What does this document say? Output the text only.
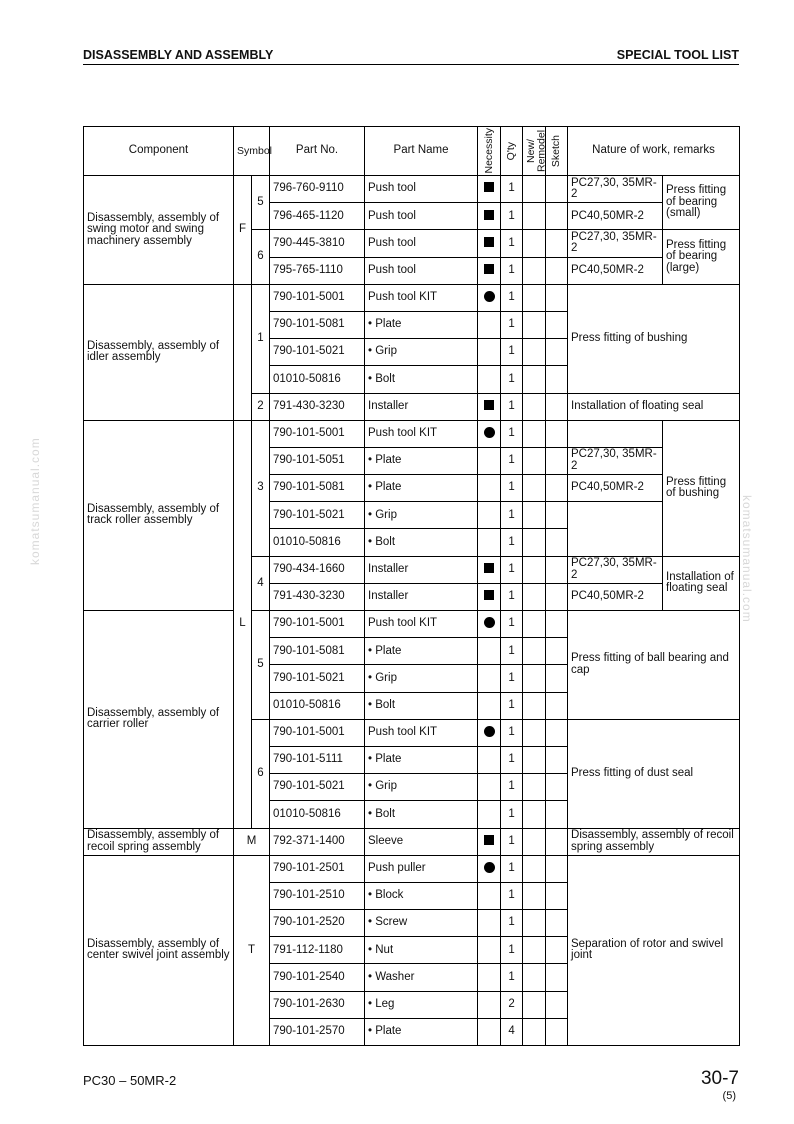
DISASSEMBLY AND ASSEMBLY	SPECIAL TOOL LIST
Component	Symbol		Part No.	Part Name	Necessity	Q'ty	New/ Remodel	Sketch	Nature of work, remarks	
Disassembly, assembly of swing motor and swing machinery assembly	F	5	796-760-9110	Push tool		1			PC27,30, 35MR-2	Press fitting of bearing (small)
			796-465-1120	Push tool		1			PC40,50MR-2	
		6	790-445-3810	Push tool		1			PC27,30, 35MR-2	Press fitting of bearing (large)
			795-765-1110	Push tool		1			PC40,50MR-2	
Disassembly, assembly of idler assembly		1	790-101-5001	Push tool KIT		1			Press fitting of bushing	
			790-101-5081	• Plate		1				
			790-101-5021	• Grip		1				
			01010-50816	• Bolt		1				
		2	791-430-3230	Installer		1			Installation of floating seal	
Disassembly, assembly of track roller assembly	L	3	790-101-5001	Push tool KIT		1				Press fitting of bushing
			790-101-5051	• Plate		1			PC27,30, 35MR-2	
			790-101-5081	• Plate		1			PC40,50MR-2	
			790-101-5021	• Grip		1				
			01010-50816	• Bolt		1				
		4	790-434-1660	Installer		1			PC27,30, 35MR-2	Installation of floating seal
			791-430-3230	Installer		1			PC40,50MR-2	
Disassembly, assembly of carrier roller		5	790-101-5001	Push tool KIT		1			Press fitting of ball bearing and cap	
			790-101-5081	• Plate		1				
			790-101-5021	• Grip		1				
			01010-50816	• Bolt		1				
		6	790-101-5001	Push tool KIT		1			Press fitting of dust seal	
			790-101-5111	• Plate		1				
			790-101-5021	• Grip		1				
			01010-50816	• Bolt		1				
Disassembly, assembly of recoil spring assembly	M		792-371-1400	Sleeve		1			Disassembly, assembly of recoil spring assembly	
Disassembly, assembly of center swivel joint assembly	T		790-101-2501	Push puller		1			Separation of rotor and swivel joint	
			790-101-2510	• Block		1				
			790-101-2520	• Screw		1				
			791-112-1180	• Nut		1				
			790-101-2540	• Washer		1				
			790-101-2630	• Leg		2				
			790-101-2570	• Plate		4				
PC30 – 50MR-2	30-7
(5)
komatsumanual.com	komatsumanual.com
